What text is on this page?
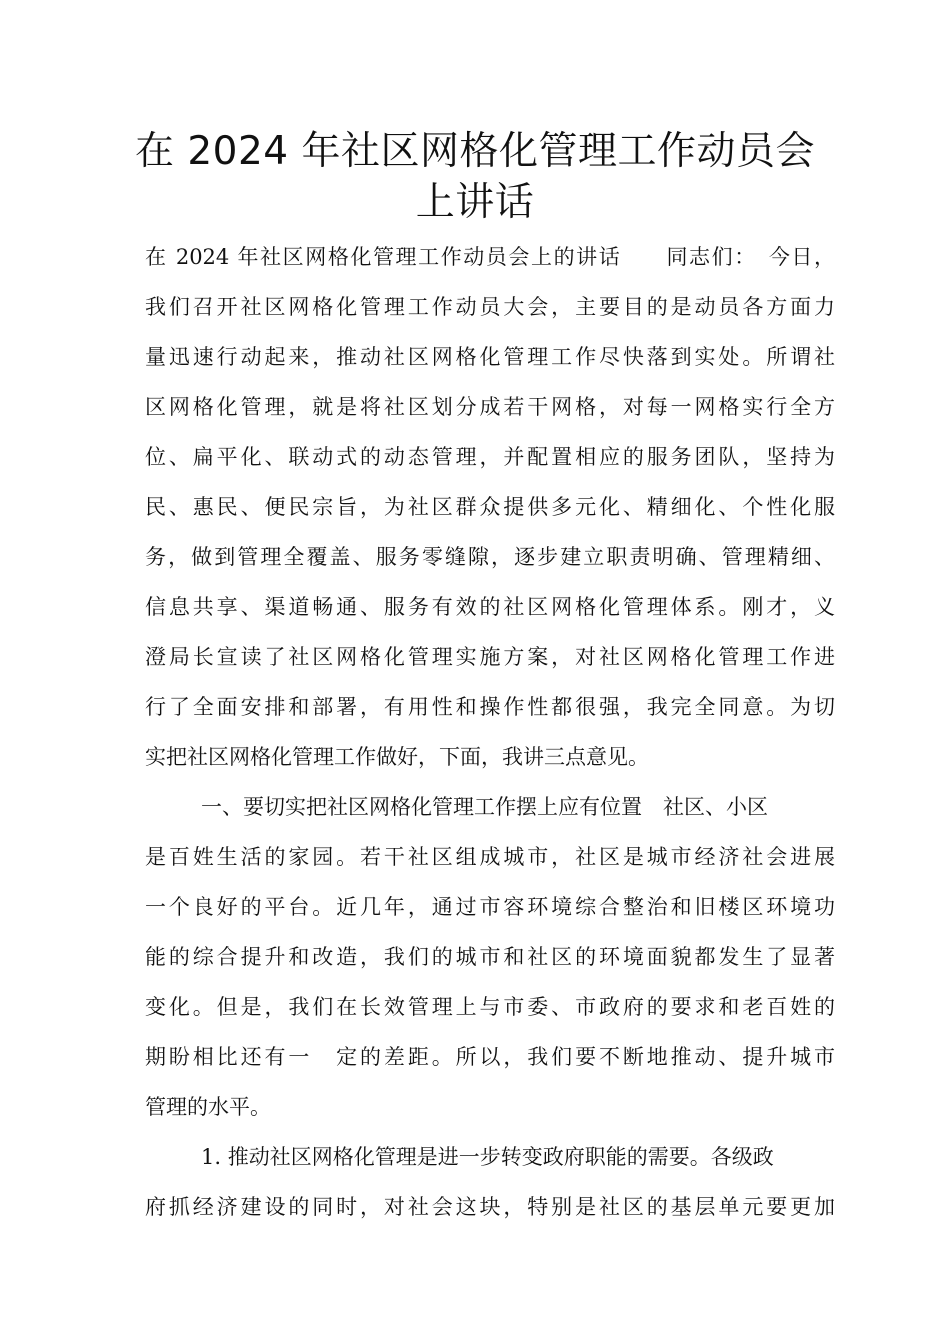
在 2024 年社区网格化管理工作动员会
上讲话
在 2024 年社区网格化管理工作动员会上的讲话　　同志们：　今日，
我们召开社区网格化管理工作动员大会，主要目的是动员各方面力
量迅速行动起来，推动社区网格化管理工作尽快落到实处。所谓社
区网格化管理，就是将社区划分成若干网格，对每一网格实行全方
位、扁平化、联动式的动态管理，并配置相应的服务团队，坚持为
民、惠民、便民宗旨，为社区群众提供多元化、精细化、个性化服
务，做到管理全覆盖、服务零缝隙，逐步建立职责明确、管理精细、
信息共享、渠道畅通、服务有效的社区网格化管理体系。刚才，义
澄局长宣读了社区网格化管理实施方案，对社区网格化管理工作进
行了全面安排和部署，有用性和操作性都很强，我完全同意。为切
实把社区网格化管理工作做好，下面，我讲三点意见。
一、要切实把社区网格化管理工作摆上应有位置　社区、小区
是百姓生活的家园。若干社区组成城市，社区是城市经济社会进展
一个良好的平台。近几年，通过市容环境综合整治和旧楼区环境功
能的综合提升和改造，我们的城市和社区的环境面貌都发生了显著
变化。但是，我们在长效管理上与市委、市政府的要求和老百姓的
期盼相比还有一　定的差距。所以，我们要不断地推动、提升城市
管理的水平。
1. 推动社区网格化管理是进一步转变政府职能的需要。各级政
府抓经济建设的同时，对社会这块，特别是社区的基层单元要更加
